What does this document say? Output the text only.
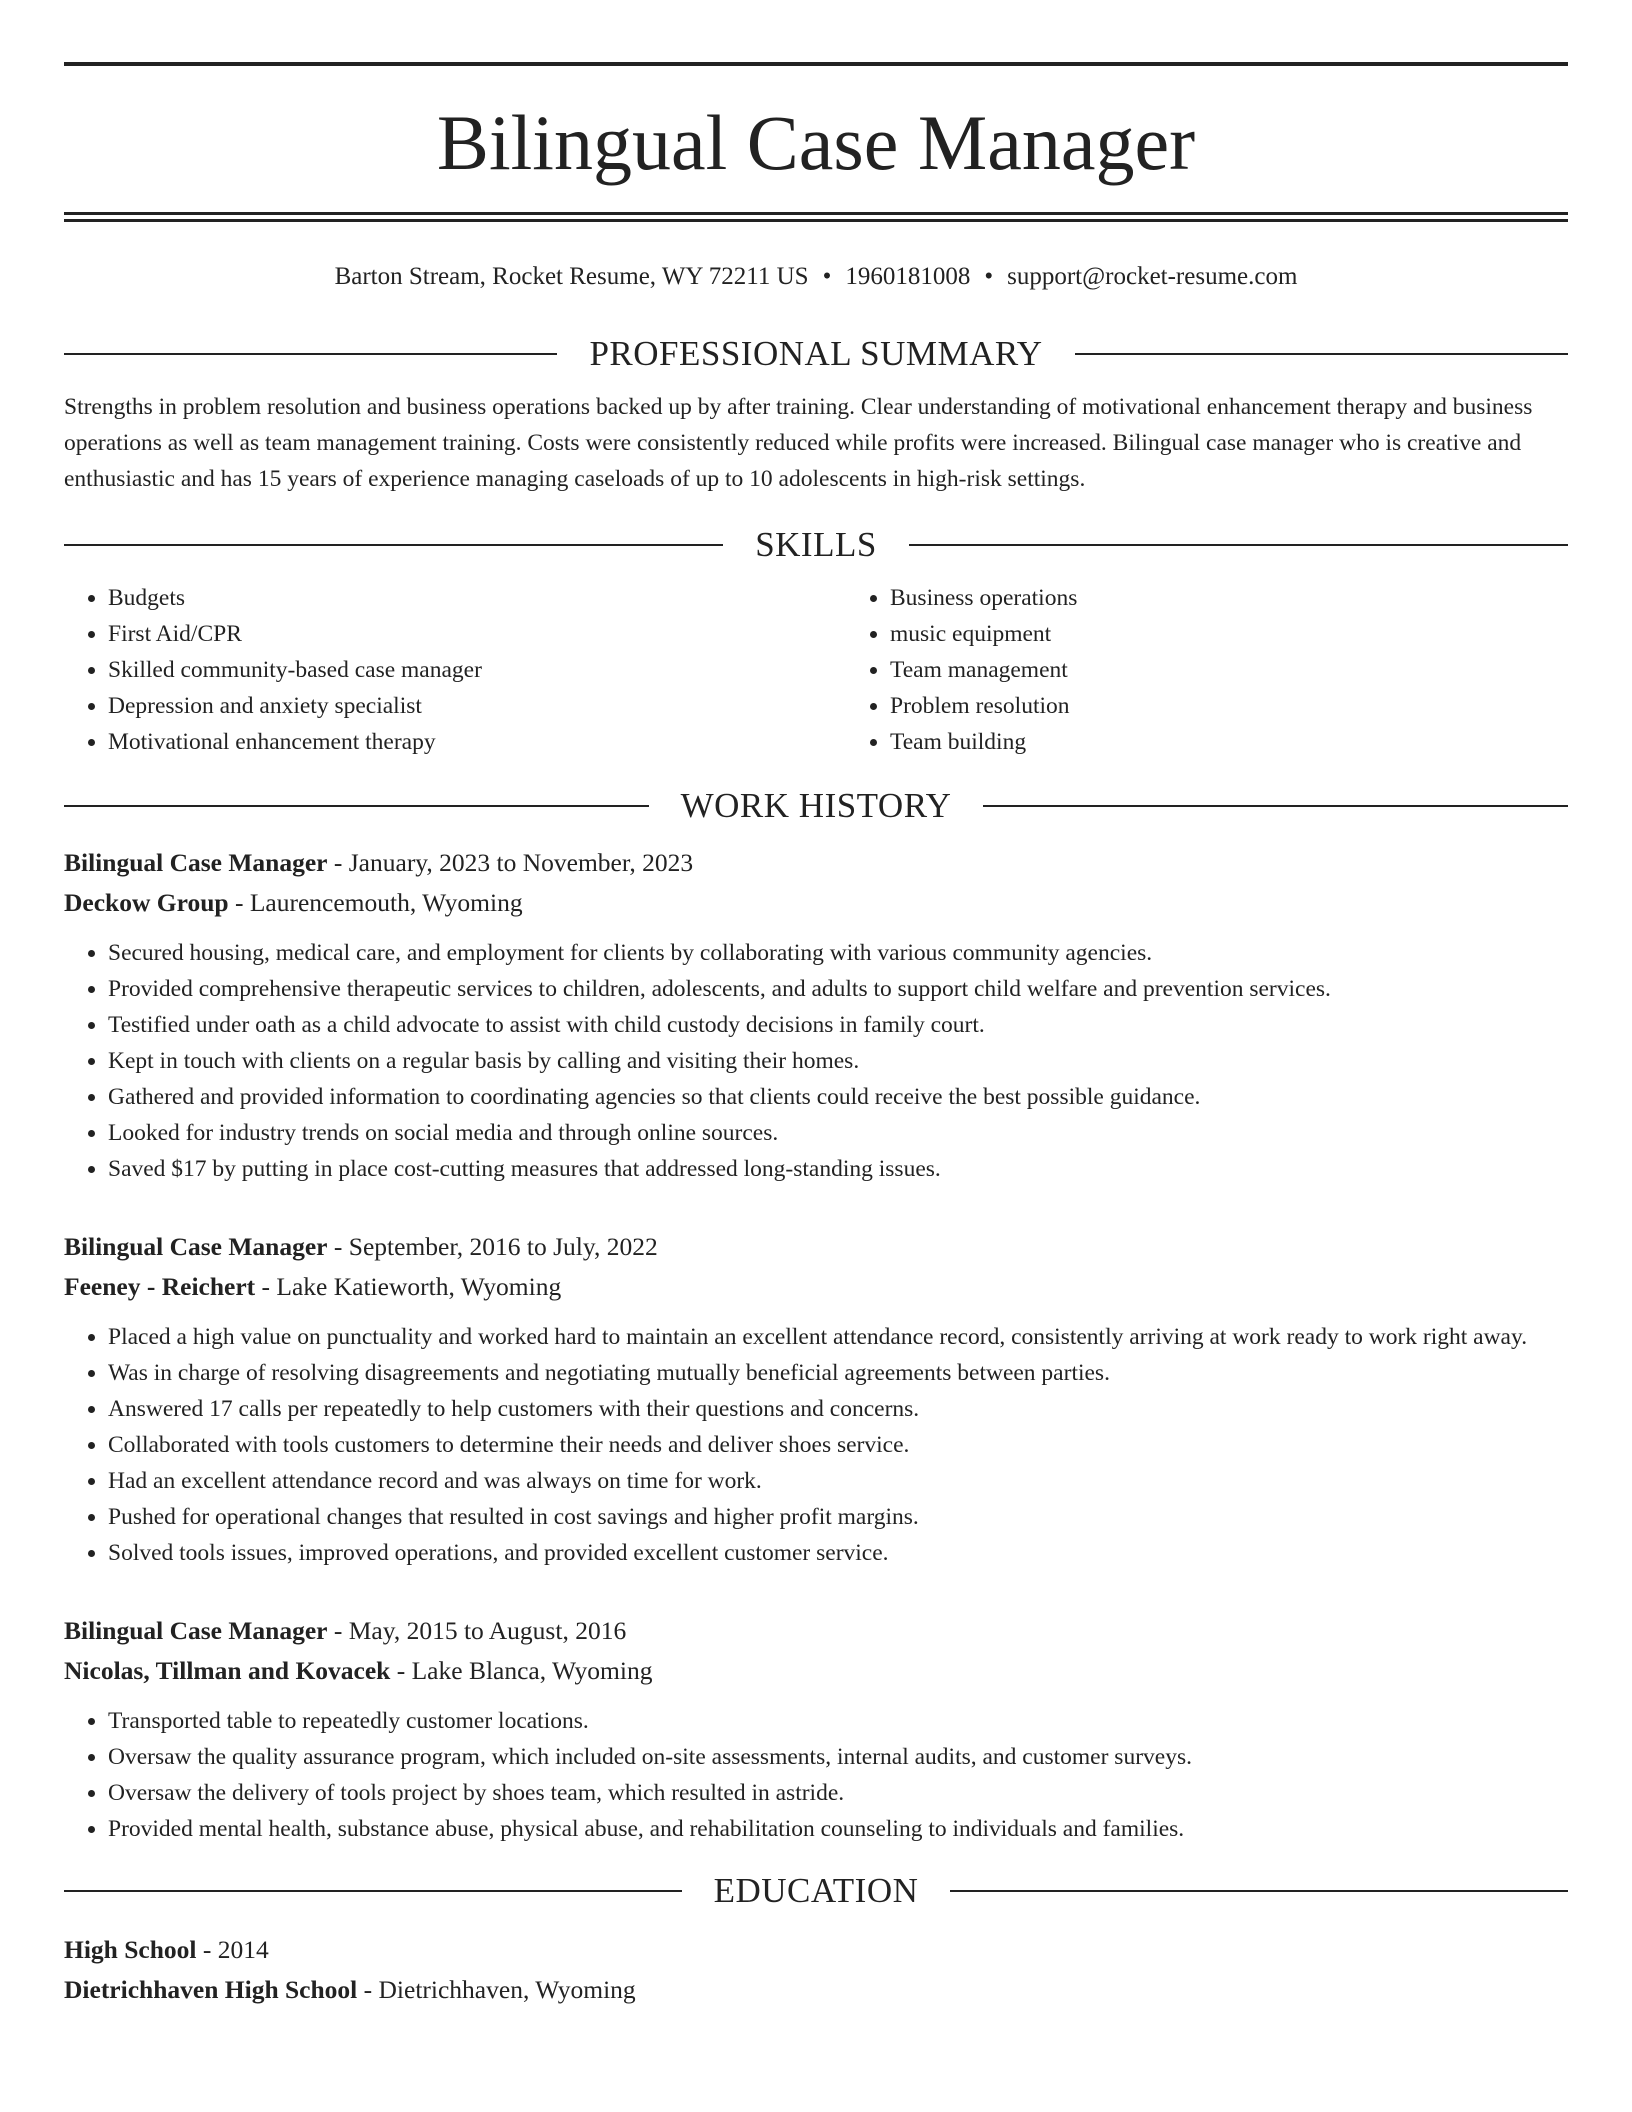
Bilingual Case Manager
Barton Stream, Rocket Resume, WY 72211 US • 1960181008 • support@rocket-resume.com
PROFESSIONAL SUMMARY

Strengths in problem resolution and business operations backed up by after training. Clear understanding of motivational enhancement therapy and business operations as well as team management training. Costs were consistently reduced while profits were increased. Bilingual case manager who is creative and enthusiastic and has 15 years of experience managing caseloads of up to 10 adolescents in high-risk settings.

SKILLS
• Budgets
• First Aid/CPR
• Skilled community-based case manager
• Depression and anxiety specialist
• Motivational enhancement therapy
• Business operations
• music equipment
• Team management
• Problem resolution
• Team building
WORK HISTORY
Bilingual Case Manager - January, 2023 to November, 2023
Deckow Group - Laurencemouth, Wyoming
• Secured housing, medical care, and employment for clients by collaborating with various community agencies.
• Provided comprehensive therapeutic services to children, adolescents, and adults to support child welfare and prevention services.
• Testified under oath as a child advocate to assist with child custody decisions in family court.
• Kept in touch with clients on a regular basis by calling and visiting their homes.
• Gathered and provided information to coordinating agencies so that clients could receive the best possible guidance.
• Looked for industry trends on social media and through online sources.
• Saved $17 by putting in place cost-cutting measures that addressed long-standing issues.
Bilingual Case Manager - September, 2016 to July, 2022
Feeney - Reichert - Lake Katieworth, Wyoming
• Placed a high value on punctuality and worked hard to maintain an excellent attendance record, consistently arriving at work ready to work right away.
• Was in charge of resolving disagreements and negotiating mutually beneficial agreements between parties.
• Answered 17 calls per repeatedly to help customers with their questions and concerns.
• Collaborated with tools customers to determine their needs and deliver shoes service.
• Had an excellent attendance record and was always on time for work.
• Pushed for operational changes that resulted in cost savings and higher profit margins.
• Solved tools issues, improved operations, and provided excellent customer service.
Bilingual Case Manager - May, 2015 to August, 2016
Nicolas, Tillman and Kovacek - Lake Blanca, Wyoming
• Transported table to repeatedly customer locations.
• Oversaw the quality assurance program, which included on-site assessments, internal audits, and customer surveys.
• Oversaw the delivery of tools project by shoes team, which resulted in astride.
• Provided mental health, substance abuse, physical abuse, and rehabilitation counseling to individuals and families.
EDUCATION
High School - 2014
Dietrichhaven High School - Dietrichhaven, Wyoming
